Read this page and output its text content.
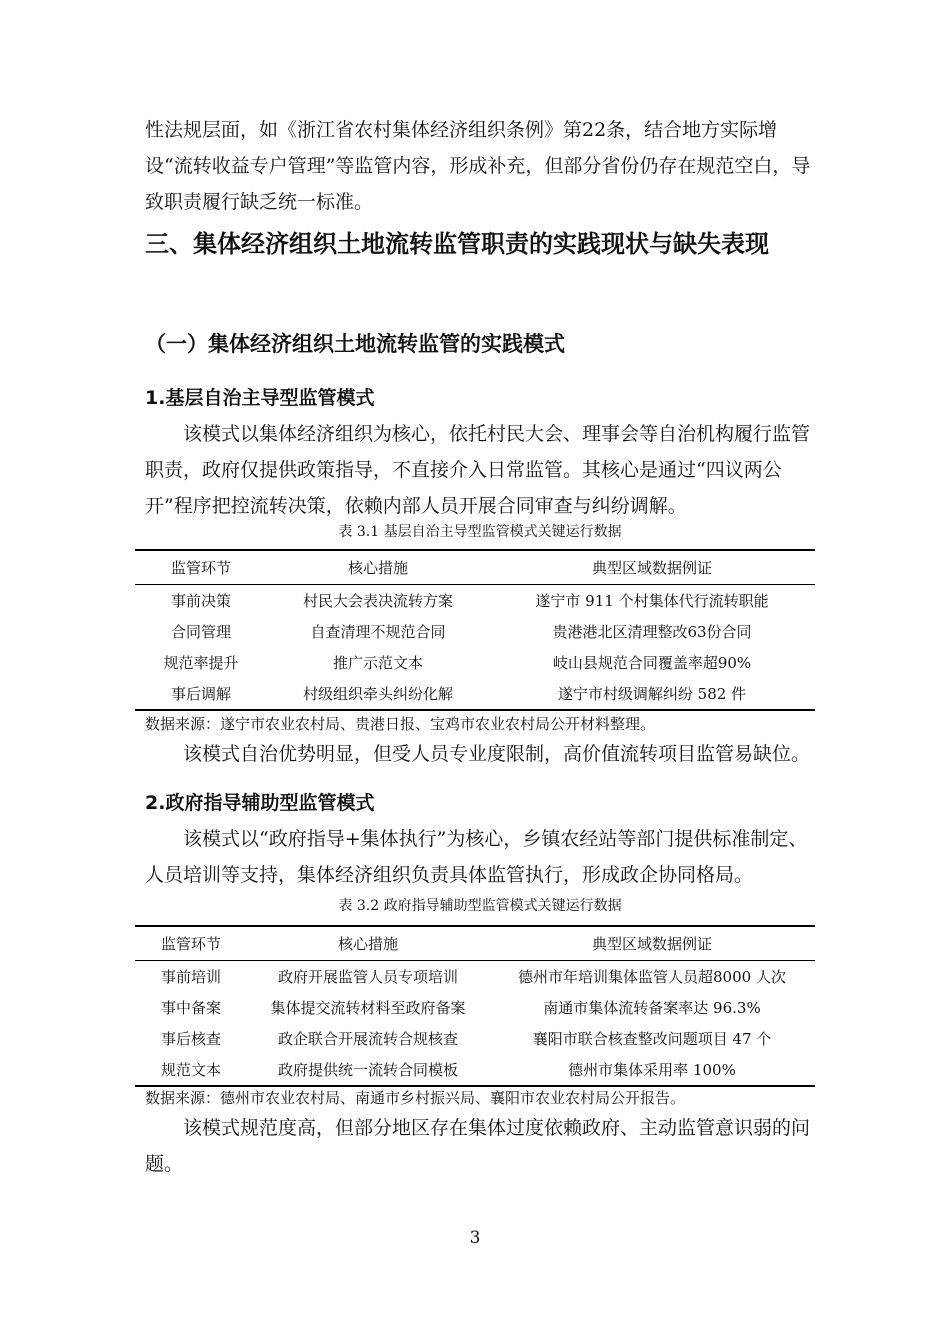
性法规层面，如《浙江省农村集体经济组织条例》第22条，结合地方实际增设“流转收益专户管理”等监管内容，形成补充，但部分省份仍存在规范空白，导致职责履行缺乏统一标准。

三、集体经济组织土地流转监管职责的实践现状与缺失表现
（一）集体经济组织土地流转监管的实践模式
1.基层自治主导型监管模式

该模式以集体经济组织为核心，依托村民大会、理事会等自治机构履行监管职责，政府仅提供政策指导，不直接介入日常监管。其核心是通过“四议两公开”程序把控流转决策，依赖内部人员开展合同审查与纠纷调解。

表 3.1 基层自治主导型监管模式关键运行数据

监管环节	核心措施	典型区域数据例证
事前决策	村民大会表决流转方案	遂宁市 911 个村集体代行流转职能
合同管理	自查清理不规范合同	贵港港北区清理整改63份合同
规范率提升	推广示范文本	岐山县规范合同覆盖率超90%
事后调解	村级组织牵头纠纷化解	遂宁市村级调解纠纷 582 件

数据来源：遂宁市农业农村局、贵港日报、宝鸡市农业农村局公开材料整理。

该模式自治优势明显，但受人员专业度限制，高价值流转项目监管易缺位。

2.政府指导辅助型监管模式

该模式以“政府指导+集体执行”为核心，乡镇农经站等部门提供标准制定、人员培训等支持，集体经济组织负责具体监管执行，形成政企协同格局。

表 3.2 政府指导辅助型监管模式关键运行数据

监管环节	核心措施	典型区域数据例证
事前培训	政府开展监管人员专项培训	德州市年培训集体监管人员超8000 人次
事中备案	集体提交流转材料至政府备案	南通市集体流转备案率达 96.3%
事后核查	政企联合开展流转合规核查	襄阳市联合核查整改问题项目 47 个
规范文本	政府提供统一流转合同模板	德州市集体采用率 100%

数据来源：德州市农业农村局、南通市乡村振兴局、襄阳市农业农村局公开报告。

该模式规范度高，但部分地区存在集体过度依赖政府、主动监管意识弱的问题。

3
